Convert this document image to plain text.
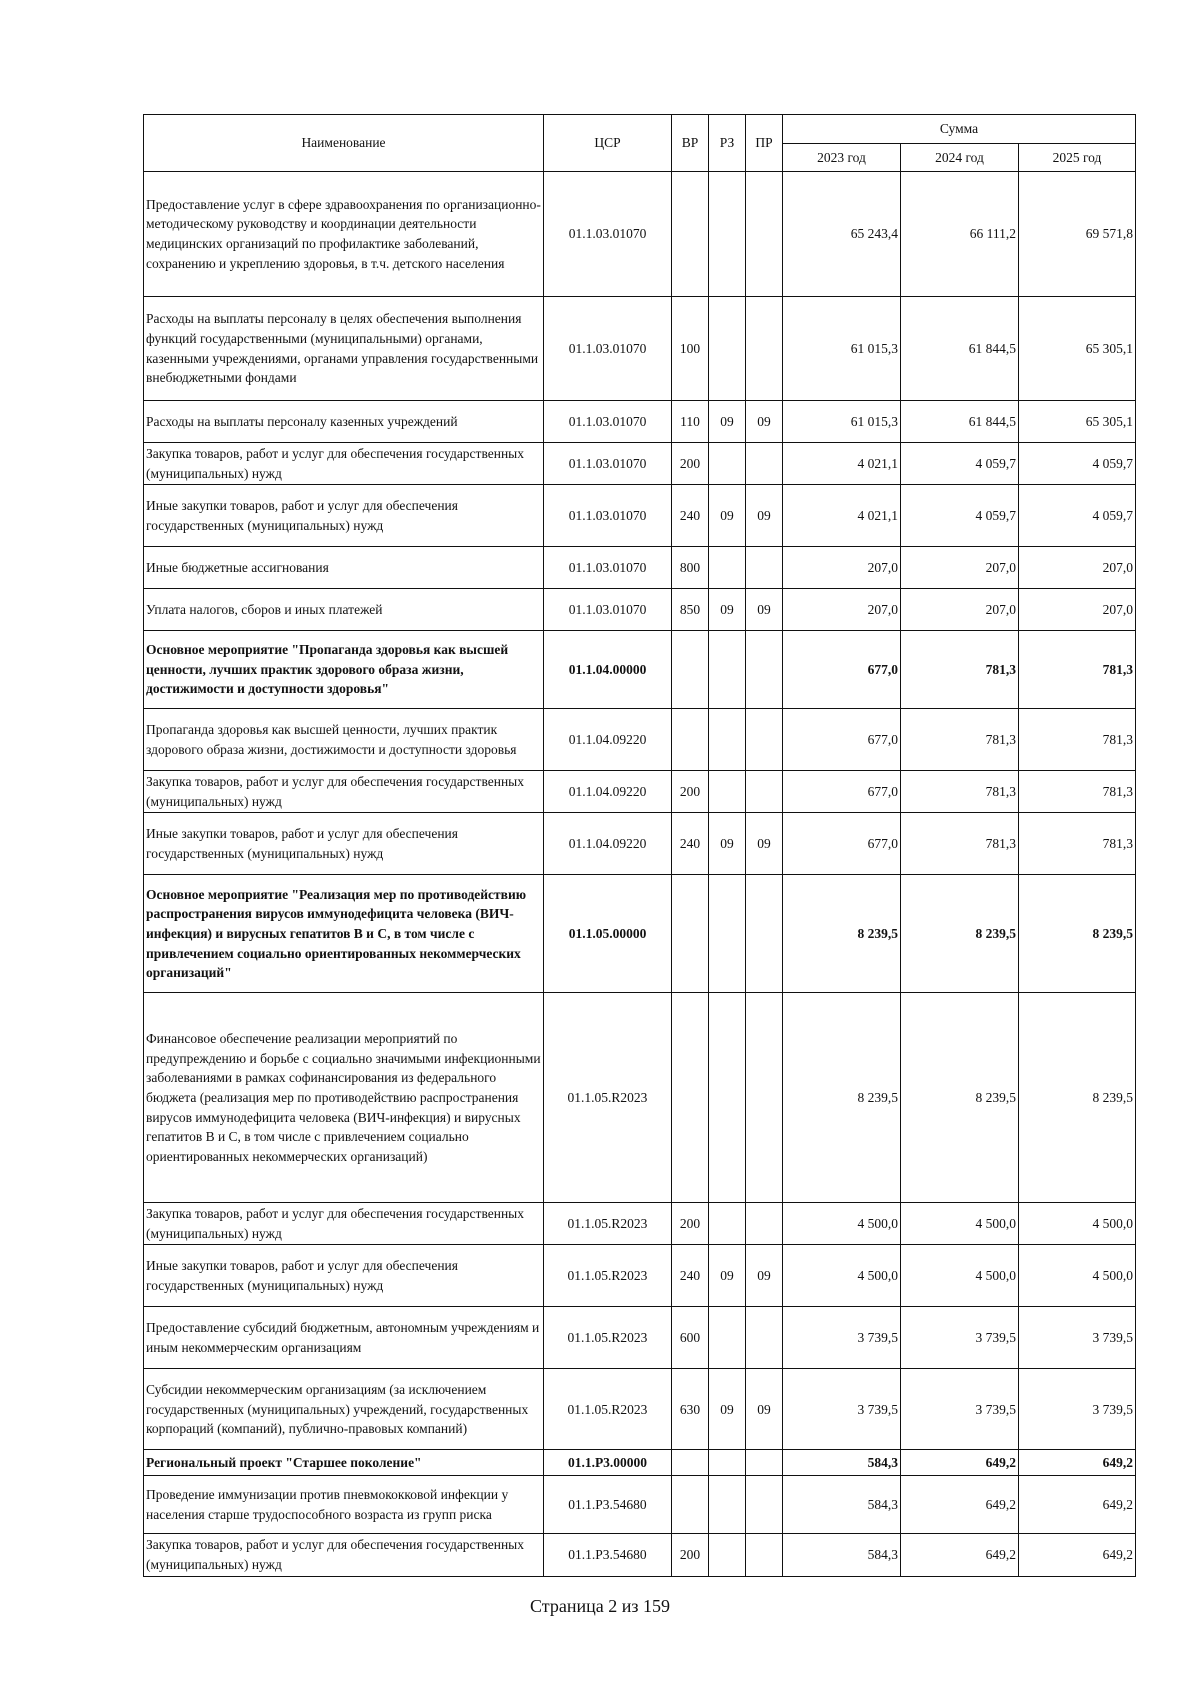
Наименование	ЦСР	ВР	РЗ	ПР	Сумма		
					2023 год	2024 год	2025 год
Предоставление услуг в сфере здравоохранения по организационно-методическому руководству и координации деятельности медицинских организаций по профилактике заболеваний, сохранению и укреплению здоровья, в т.ч. детского населения	01.1.03.01070				65 243,4	66 111,2	69 571,8
Расходы на выплаты персоналу в целях обеспечения выполнения функций государственными (муниципальными) органами, казенными учреждениями, органами управления государственными внебюджетными фондами	01.1.03.01070	100			61 015,3	61 844,5	65 305,1
Расходы на выплаты персоналу казенных учреждений	01.1.03.01070	110	09	09	61 015,3	61 844,5	65 305,1
Закупка товаров, работ и услуг для обеспечения государственных (муниципальных) нужд	01.1.03.01070	200			4 021,1	4 059,7	4 059,7
Иные закупки товаров, работ и услуг для обеспечения государственных (муниципальных) нужд	01.1.03.01070	240	09	09	4 021,1	4 059,7	4 059,7
Иные бюджетные ассигнования	01.1.03.01070	800			207,0	207,0	207,0
Уплата налогов, сборов и иных платежей	01.1.03.01070	850	09	09	207,0	207,0	207,0
Основное мероприятие "Пропаганда здоровья как высшей ценности, лучших практик здорового образа жизни, достижимости и доступности здоровья"	01.1.04.00000				677,0	781,3	781,3
Пропаганда здоровья как высшей ценности, лучших практик здорового образа жизни, достижимости и доступности здоровья	01.1.04.09220				677,0	781,3	781,3
Закупка товаров, работ и услуг для обеспечения государственных (муниципальных) нужд	01.1.04.09220	200			677,0	781,3	781,3
Иные закупки товаров, работ и услуг для обеспечения государственных (муниципальных) нужд	01.1.04.09220	240	09	09	677,0	781,3	781,3
Основное мероприятие "Реализация мер по противодействию распространения вирусов иммунодефицита человека (ВИЧ-инфекция) и вирусных гепатитов В и С, в том числе с привлечением социально ориентированных некоммерческих организаций"	01.1.05.00000				8 239,5	8 239,5	8 239,5
Финансовое обеспечение реализации мероприятий по предупреждению и борьбе с социально значимыми инфекционными заболеваниями в рамках софинансирования из федерального бюджета (реализация мер по противодействию распространения вирусов иммунодефицита человека (ВИЧ-инфекция) и вирусных гепатитов В и С, в том числе с привлечением социально ориентированных некоммерческих организаций)	01.1.05.R2023				8 239,5	8 239,5	8 239,5
Закупка товаров, работ и услуг для обеспечения государственных (муниципальных) нужд	01.1.05.R2023	200			4 500,0	4 500,0	4 500,0
Иные закупки товаров, работ и услуг для обеспечения государственных (муниципальных) нужд	01.1.05.R2023	240	09	09	4 500,0	4 500,0	4 500,0
Предоставление субсидий бюджетным, автономным учреждениям и иным некоммерческим организациям	01.1.05.R2023	600			3 739,5	3 739,5	3 739,5
Субсидии некоммерческим организациям (за исключением государственных (муниципальных) учреждений, государственных корпораций (компаний), публично-правовых компаний)	01.1.05.R2023	630	09	09	3 739,5	3 739,5	3 739,5
Региональный проект "Старшее поколение"	01.1.P3.00000				584,3	649,2	649,2
Проведение иммунизации против пневмококковой инфекции у населения старше трудоспособного возраста из групп риска	01.1.P3.54680				584,3	649,2	649,2
Закупка товаров, работ и услуг для обеспечения государственных (муниципальных) нужд	01.1.P3.54680	200			584,3	649,2	649,2
Страница 2 из 159
